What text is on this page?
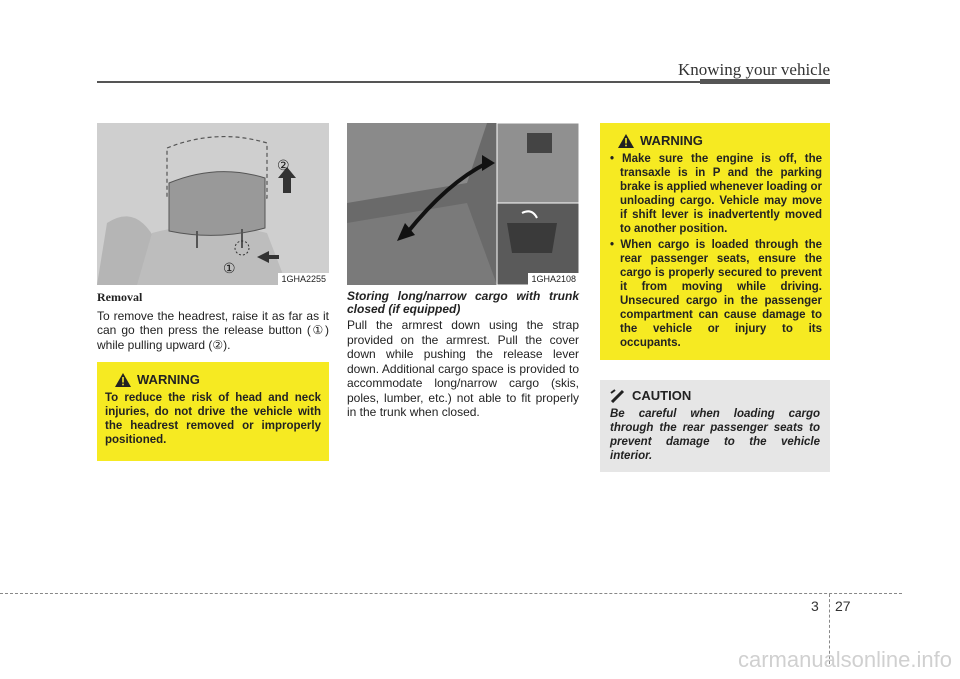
Knowing your vehicle
②
①
1GHA2255	1GHA2108

Removal

To remove the headrest, raise it as far as it can go then press the release button (①) while pulling upward (②).

Storing long/narrow cargo with trunk closed (if equipped)

Pull the armrest down using the strap provided on the armrest. Pull the cover down while pushing the release lever down. Additional cargo space is provided to accommodate long/narrow cargo (skis, poles, lumber, etc.) not able to fit properly in the trunk when closed.

WARNING

To reduce the risk of head and neck injuries, do not drive the vehicle with the headrest removed or improperly positioned.

WARNING
• Make sure the engine is off, the transaxle is in P and the parking brake is applied whenever loading or unloading cargo. Vehicle may move if shift lever is inadvertently moved to another position.
• When cargo is loaded through the rear passenger seats, ensure the cargo is properly secured to prevent it from moving while driving. Unsecured cargo in the passenger compartment can cause damage to the vehicle or injury to its occupants.
CAUTION

Be careful when loading cargo through the rear passenger seats to prevent damage to the vehicle interior.

3 27
carmanualsonline.info
